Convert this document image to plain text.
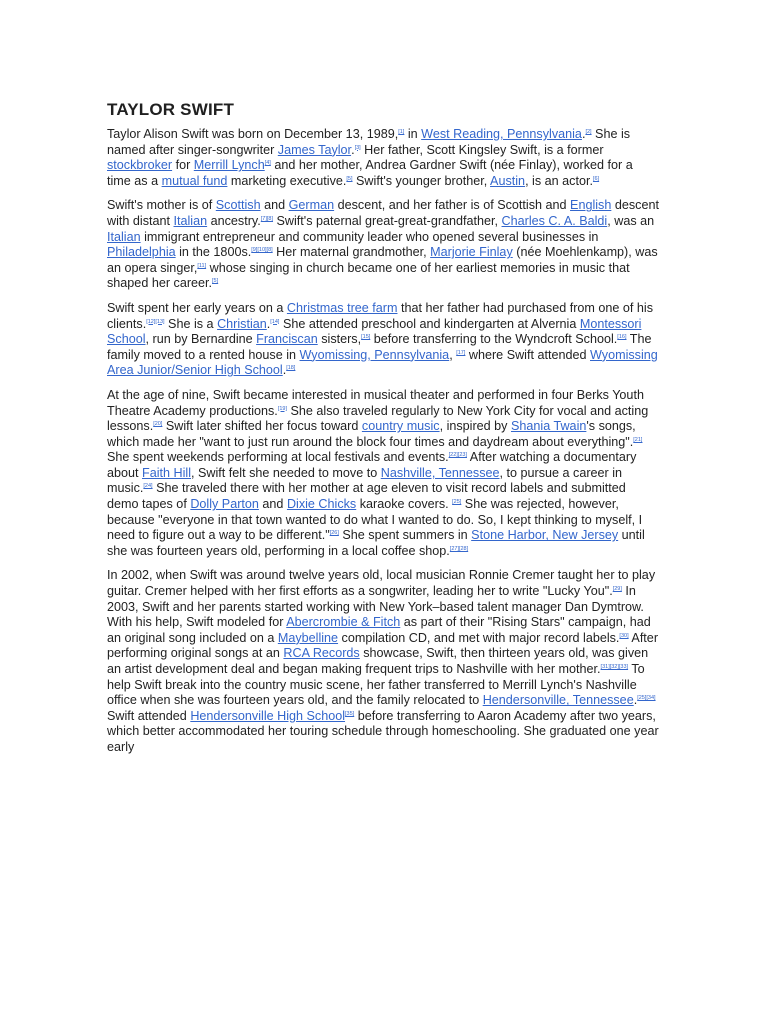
TAYLOR SWIFT

Taylor Alison Swift was born on December 13, 1989,[1] in West Reading, Pennsylvania.[2] She is named after singer-songwriter James Taylor.[3] Her father, Scott Kingsley Swift, is a former stockbroker for Merrill Lynch[4] and her mother, Andrea Gardner Swift (née Finlay), worked for a time as a mutual fund marketing executive.[5] Swift's younger brother, Austin, is an actor.[6]

Swift's mother is of Scottish and German descent, and her father is of Scottish and English descent with distant Italian ancestry.[7][8] Swift's paternal great-great-grandfather, Charles C. A. Baldi, was an Italian immigrant entrepreneur and community leader who opened several businesses in Philadelphia in the 1800s.[9][10][8] Her maternal grandmother, Marjorie Finlay (née Moehlenkamp), was an opera singer,[11] whose singing in church became one of her earliest memories in music that shaped her career.[5]

Swift spent her early years on a Christmas tree farm that her father had purchased from one of his clients.[12][13] She is a Christian.[14] She attended preschool and kindergarten at Alvernia Montessori School, run by Bernardine Franciscan sisters,[15] before transferring to the Wyndcroft School.[16] The family moved to a rented house in Wyomissing, Pennsylvania, [17] where Swift attended Wyomissing Area Junior/Senior High School.[18]

At the age of nine, Swift became interested in musical theater and performed in four Berks Youth Theatre Academy productions.[19] She also traveled regularly to New York City for vocal and acting lessons.[20] Swift later shifted her focus toward country music, inspired by Shania Twain's songs, which made her "want to just run around the block four times and daydream about everything".[21] She spent weekends performing at local festivals and events.[22][23] After watching a documentary about Faith Hill, Swift felt she needed to move to Nashville, Tennessee, to pursue a career in music.[24] She traveled there with her mother at age eleven to visit record labels and submitted demo tapes of Dolly Parton and Dixie Chicks karaoke covers. [25] She was rejected, however, because "everyone in that town wanted to do what I wanted to do. So, I kept thinking to myself, I need to figure out a way to be different."[26] She spent summers in Stone Harbor, New Jersey until she was fourteen years old, performing in a local coffee shop.[27][28]

In 2002, when Swift was around twelve years old, local musician Ronnie Cremer taught her to play guitar. Cremer helped with her first efforts as a songwriter, leading her to write "Lucky You".[29] In 2003, Swift and her parents started working with New York–based talent manager Dan Dymtrow. With his help, Swift modeled for Abercrombie & Fitch as part of their "Rising Stars" campaign, had an original song included on a Maybelline compilation CD, and met with major record labels.[30] After performing original songs at an RCA Records showcase, Swift, then thirteen years old, was given an artist development deal and began making frequent trips to Nashville with her mother.[31][32][33] To help Swift break into the country music scene, her father transferred to Merrill Lynch's Nashville office when she was fourteen years old, and the family relocated to Hendersonville, Tennessee.[25][34] Swift attended Hendersonville High School[35] before transferring to Aaron Academy after two years, which better accommodated her touring schedule through homeschooling. She graduated one year early
